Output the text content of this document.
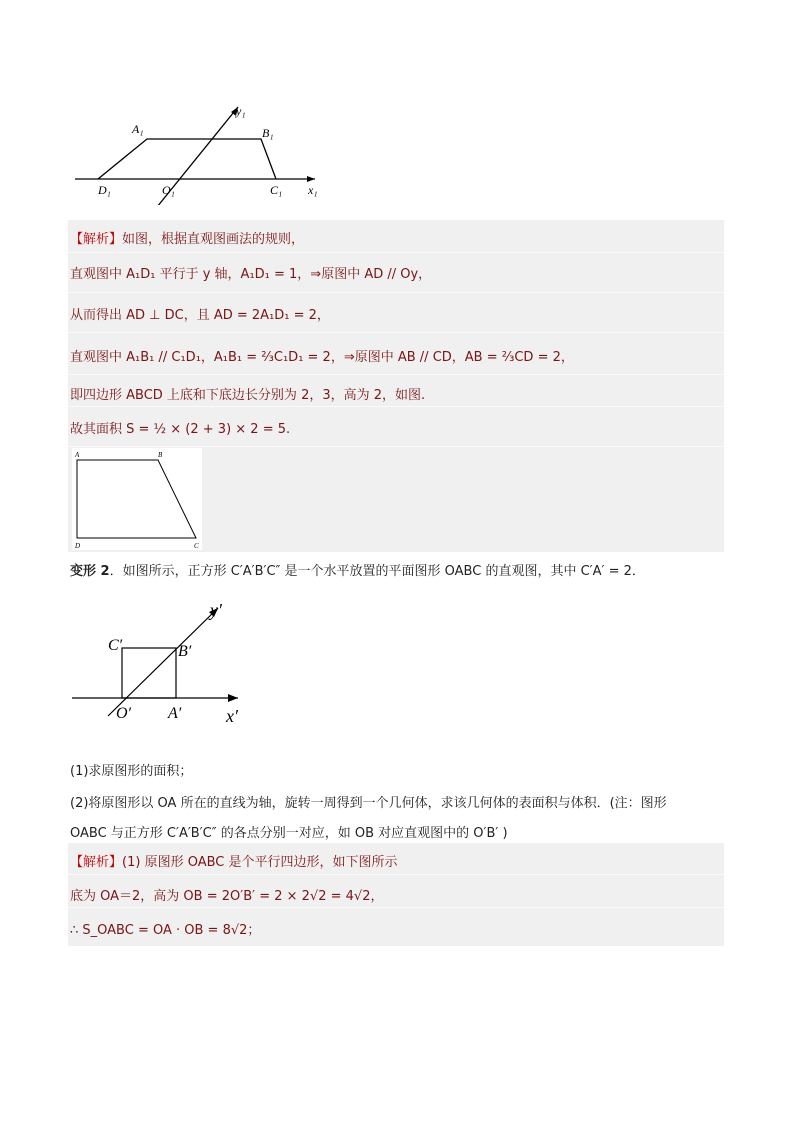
A₁	B₁
C₁
D₁	O₁	x₁
y₁
【解析】如图，根据直观图画法的规则，
直观图中 A₁D₁ 平行于 y 轴，A₁D₁ = 1，⇒原图中 AD // Oy，
从而得出 AD ⊥ DC，且 AD = 2A₁D₁ = 2，
直观图中 A₁B₁ // C₁D₁，A₁B₁ = ⅔C₁D₁ = 2，⇒原图中 AB // CD，AB = ⅔CD = 2，
即四边形 ABCD 上底和下底边长分别为 2，3，高为 2，如图.
故其面积 S = ½ × (2 + 3) × 2 = 5.
A	B
C
D
变形 2．如图所示，正方形 C′A′B′C″ 是一个水平放置的平面图形 OABC 的直观图，其中 C′A′ = 2．
C′	B′
O′ A′ x′
y′
(1)求原图形的面积；
(2)将原图形以 OA 所在的直线为轴，旋转一周得到一个几何体，求该几何体的表面积与体积．(注：图形
OABC 与正方形 C′A′B′C″ 的各点分别一对应，如 OB 对应直观图中的 O′B′ )
【解析】(1) 原图形 OABC 是个平行四边形，如下图所示
底为 OA＝2，高为 OB = 2O′B′ = 2 × 2√2 = 4√2，
∴ S_OABC = OA · OB = 8√2；
